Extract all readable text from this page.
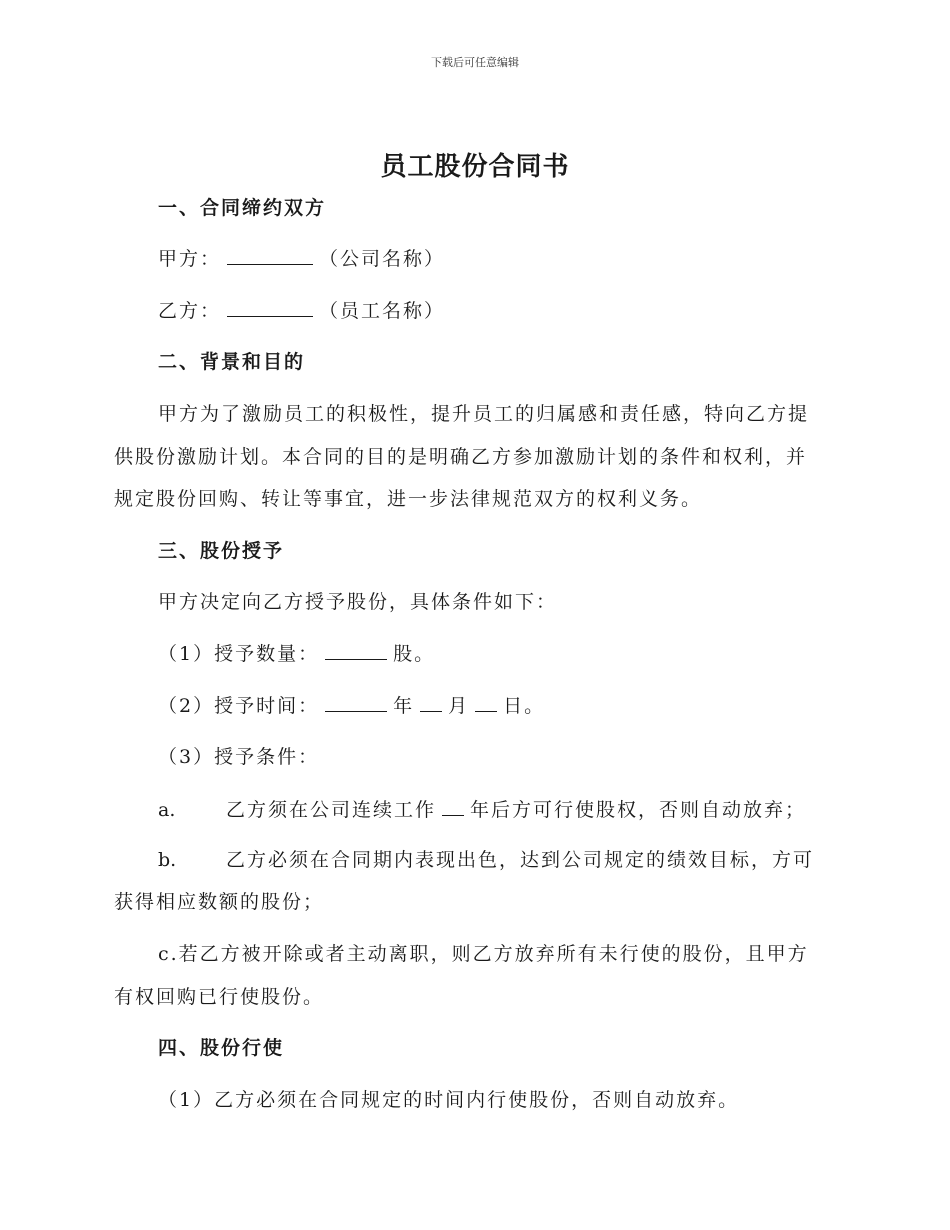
下载后可任意编辑
员工股份合同书
一、合同缔约双方
甲方：	（公司名称）
乙方：	（员工名称）
二、背景和目的
甲方为了激励员工的积极性，提升员工的归属感和责任感，特向乙方提
供股份激励计划。本合同的目的是明确乙方参加激励计划的条件和权利，并
规定股份回购、转让等事宜，进一步法律规范双方的权利义务。
三、股份授予
甲方决定向乙方授予股份，具体条件如下：
（1）授予数量：	股。
（2）授予时间：	年 月 日。
（3）授予条件：
a.	乙方须在公司连续工作 年后方可行使股权，否则自动放弃；
b.	乙方必须在合同期内表现出色，达到公司规定的绩效目标，方可
获得相应数额的股份；
c.若乙方被开除或者主动离职，则乙方放弃所有未行使的股份，且甲方
有权回购已行使股份。
四、股份行使
（1）乙方必须在合同规定的时间内行使股份，否则自动放弃。
